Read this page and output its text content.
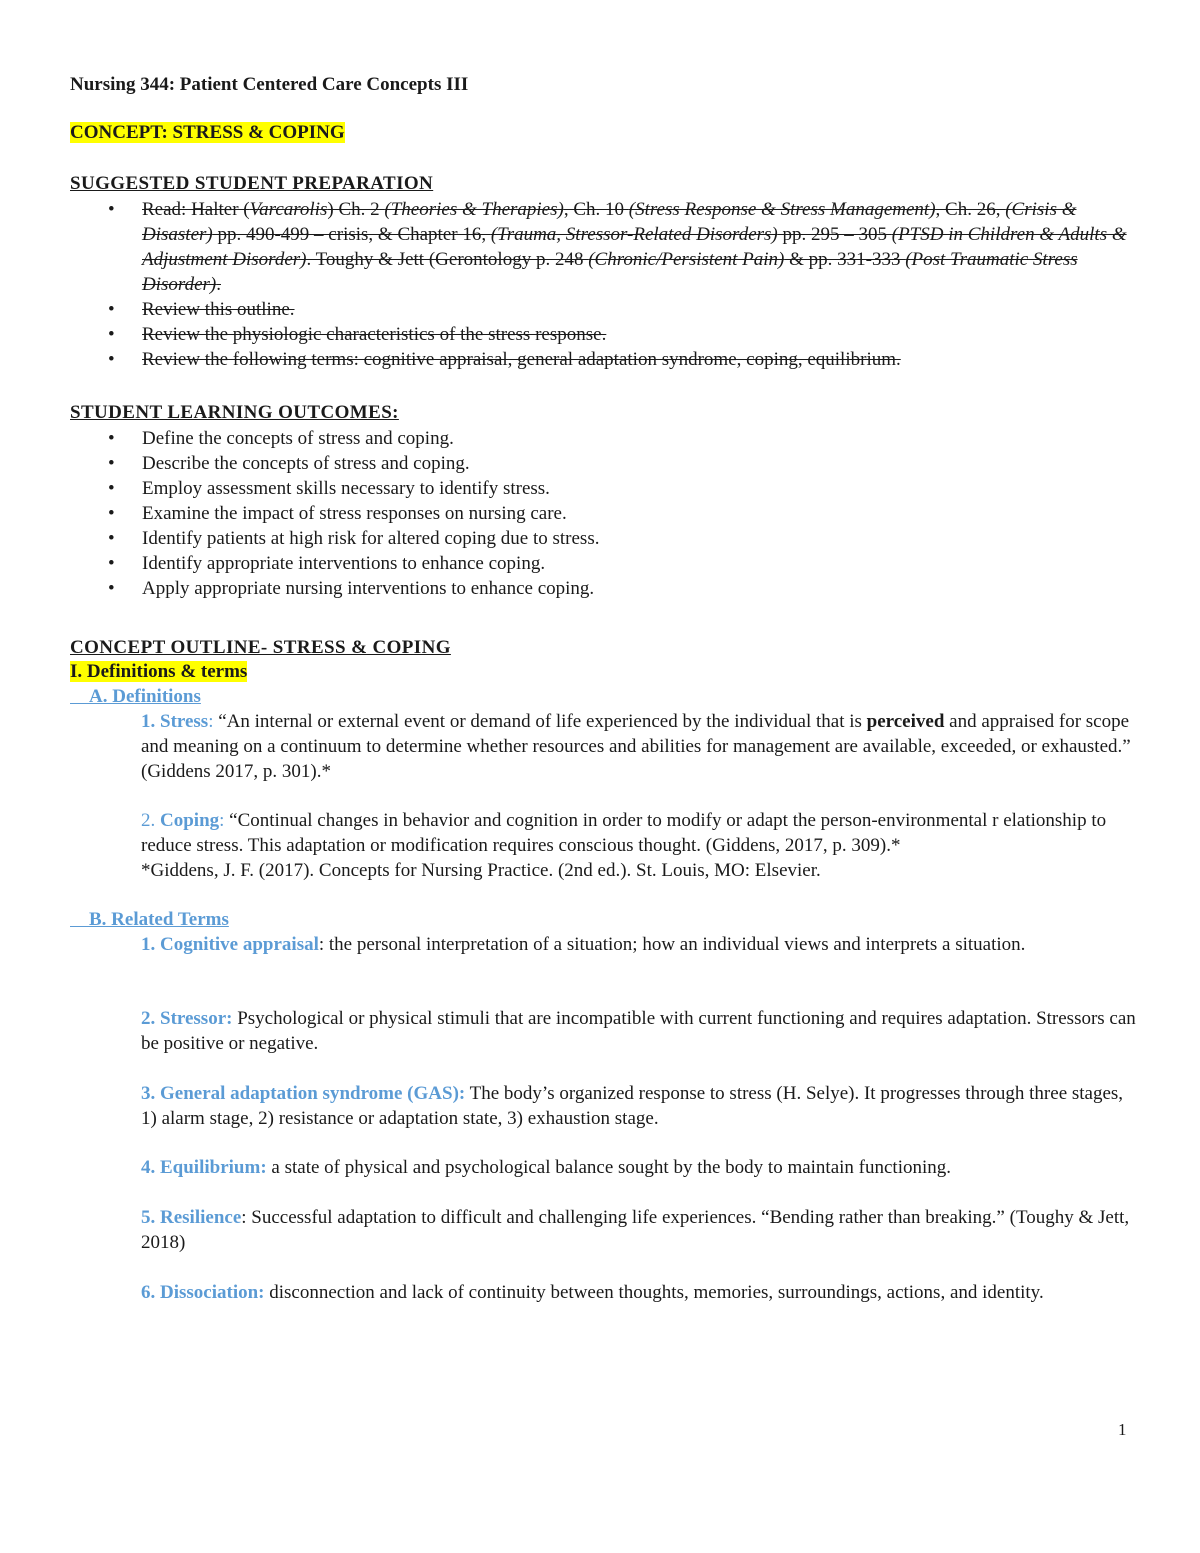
Nursing 344: Patient Centered Care Concepts III
CONCEPT: STRESS & COPING
SUGGESTED STUDENT PREPARATION
• Read: Halter (Varcarolis) Ch. 2 (Theories & Therapies), Ch. 10 (Stress Response & Stress Management), Ch. 26, (Crisis & Disaster) pp. 490-499 – crisis, & Chapter 16, (Trauma, Stressor-Related Disorders) pp. 295 – 305 (PTSD in Children & Adults & Adjustment Disorder). Toughy & Jett (Gerontology p. 248 (Chronic/Persistent Pain) & pp. 331-333 (Post Traumatic Stress Disorder).
• Review this outline.
• Review the physiologic characteristics of the stress response.
• Review the following terms: cognitive appraisal, general adaptation syndrome, coping, equilibrium.
STUDENT LEARNING OUTCOMES:
• Define the concepts of stress and coping.
• Describe the concepts of stress and coping.
• Employ assessment skills necessary to identify stress.
• Examine the impact of stress responses on nursing care.
• Identify patients at high risk for altered coping due to stress.
• Identify appropriate interventions to enhance coping.
• Apply appropriate nursing interventions to enhance coping.
CONCEPT OUTLINE- STRESS & COPING
I. Definitions & terms
A. Definitions
1. Stress: “An internal or external event or demand of life experienced by the individual that is perceived and appraised for scope and meaning on a continuum to determine whether resources and abilities for management are available, exceeded, or exhausted.” (Giddens 2017, p. 301).*
2. Coping: “Continual changes in behavior and cognition in order to modify or adapt the person-environmental r elationship to reduce stress. This adaptation or modification requires conscious thought. (Giddens, 2017, p. 309).*
*Giddens, J. F. (2017). Concepts for Nursing Practice. (2nd ed.). St. Louis, MO: Elsevier.
B. Related Terms
1. Cognitive appraisal: the personal interpretation of a situation; how an individual views and interprets a situation.
2. Stressor: Psychological or physical stimuli that are incompatible with current functioning and requires adaptation. Stressors can be positive or negative.
3. General adaptation syndrome (GAS): The body’s organized response to stress (H. Selye). It progresses through three stages, 1) alarm stage, 2) resistance or adaptation state, 3) exhaustion stage.
4. Equilibrium: a state of physical and psychological balance sought by the body to maintain functioning.
5. Resilience: Successful adaptation to difficult and challenging life experiences. “Bending rather than breaking.” (Toughy & Jett, 2018)
6. Dissociation: disconnection and lack of continuity between thoughts, memories, surroundings, actions, and identity.
1
